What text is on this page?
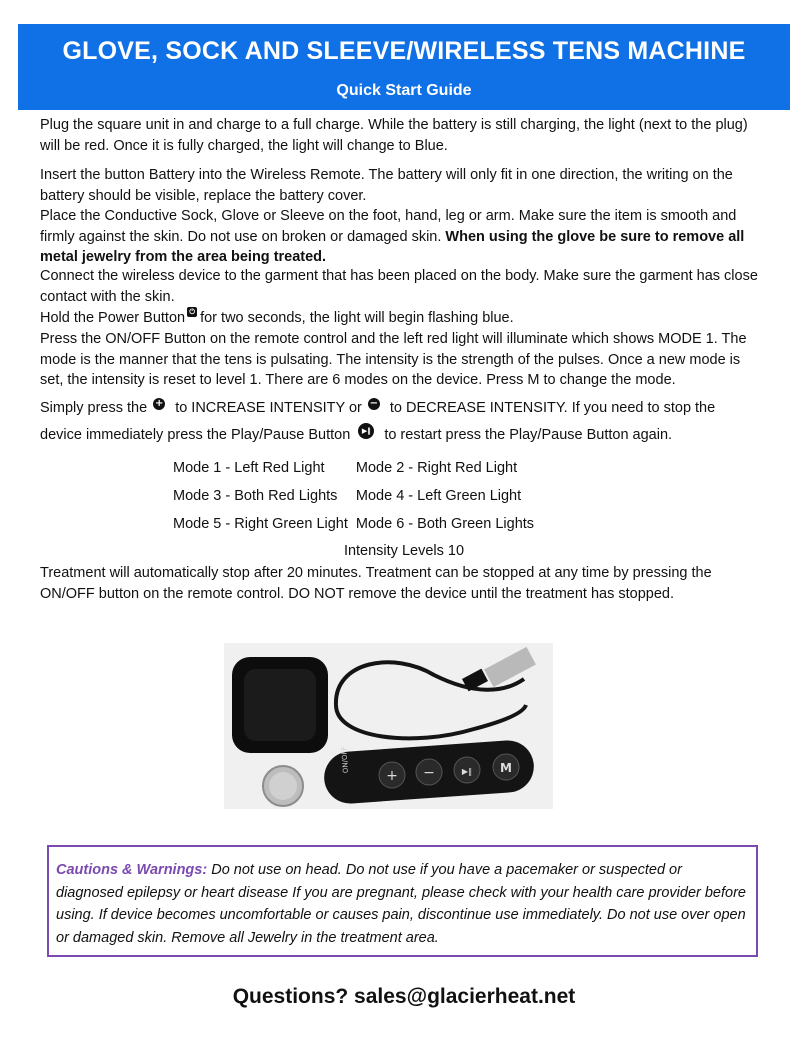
GLOVE, SOCK AND SLEEVE/WIRELESS TENS MACHINE
Quick Start Guide

Plug the square unit in and charge to a full charge. While the battery is still charging, the light (next to the plug) will be red. Once it is fully charged, the light will change to Blue.

Insert the button Battery into the Wireless Remote. The battery will only fit in one direction, the writing on the battery should be visible, replace the battery cover.

Place the Conductive Sock, Glove or Sleeve on the foot, hand, leg or arm. Make sure the item is smooth and firmly against the skin. Do not use on broken or damaged skin. When using the glove be sure to remove all metal jewelry from the area being treated.

Connect the wireless device to the garment that has been placed on the body. Make sure the garment has close contact with the skin.

Hold the Power Button ⏻ for two seconds, the light will begin flashing blue.

Press the ON/OFF Button on the remote control and the left red light will illuminate which shows MODE 1. The mode is the manner that the tens is pulsating. The intensity is the strength of the pulses. Once a new mode is set, the intensity is reset to level 1. There are 6 modes on the device. Press M to change the mode.

Simply press the + to INCREASE INTENSITY or − to DECREASE INTENSITY. If you need to stop the device immediately press the Play/Pause Button ▶‖ to restart press the Play/Pause Button again.

Mode 1 - Left Red Light	Mode 2 - Right Red Light
Mode 3 - Both Red Lights	Mode 4 - Left Green Light
Mode 5 - Right Green Light	Mode 6 - Both Green Lights
Intensity Levels 10

Treatment will automatically stop after 20 minutes. Treatment can be stopped at any time by pressing the ON/OFF button on the remote control. DO NOT remove the device until the treatment has stopped.

ON/OFF
+ −	▶‖ M
Cautions & Warnings: Do not use on head. Do not use if you have a pacemaker or suspected or diagnosed epilepsy or heart disease If you are pregnant, please check with your health care provider before using. If device becomes uncomfortable or causes pain, discontinue use immediately. Do not use over open or damaged skin. Remove all Jewelry in the treatment area.
Questions? sales@glacierheat.net
